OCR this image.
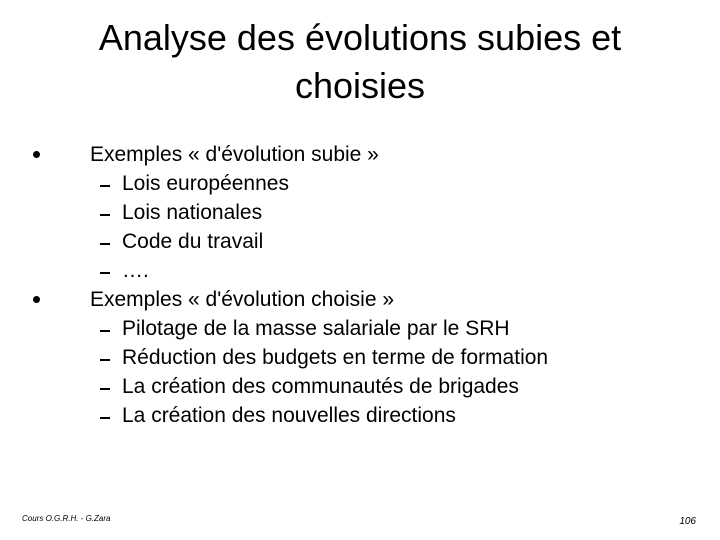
Analyse des évolutions subies et choisies
Exemples « d'évolution subie »
Lois européennes
Lois nationales
Code du travail
….
Exemples « d'évolution choisie »
Pilotage de la masse salariale par le SRH
Réduction des budgets en terme de formation
La création des communautés de brigades
La création des nouvelles directions
Cours O.G.R.H. - G.Zara	106
